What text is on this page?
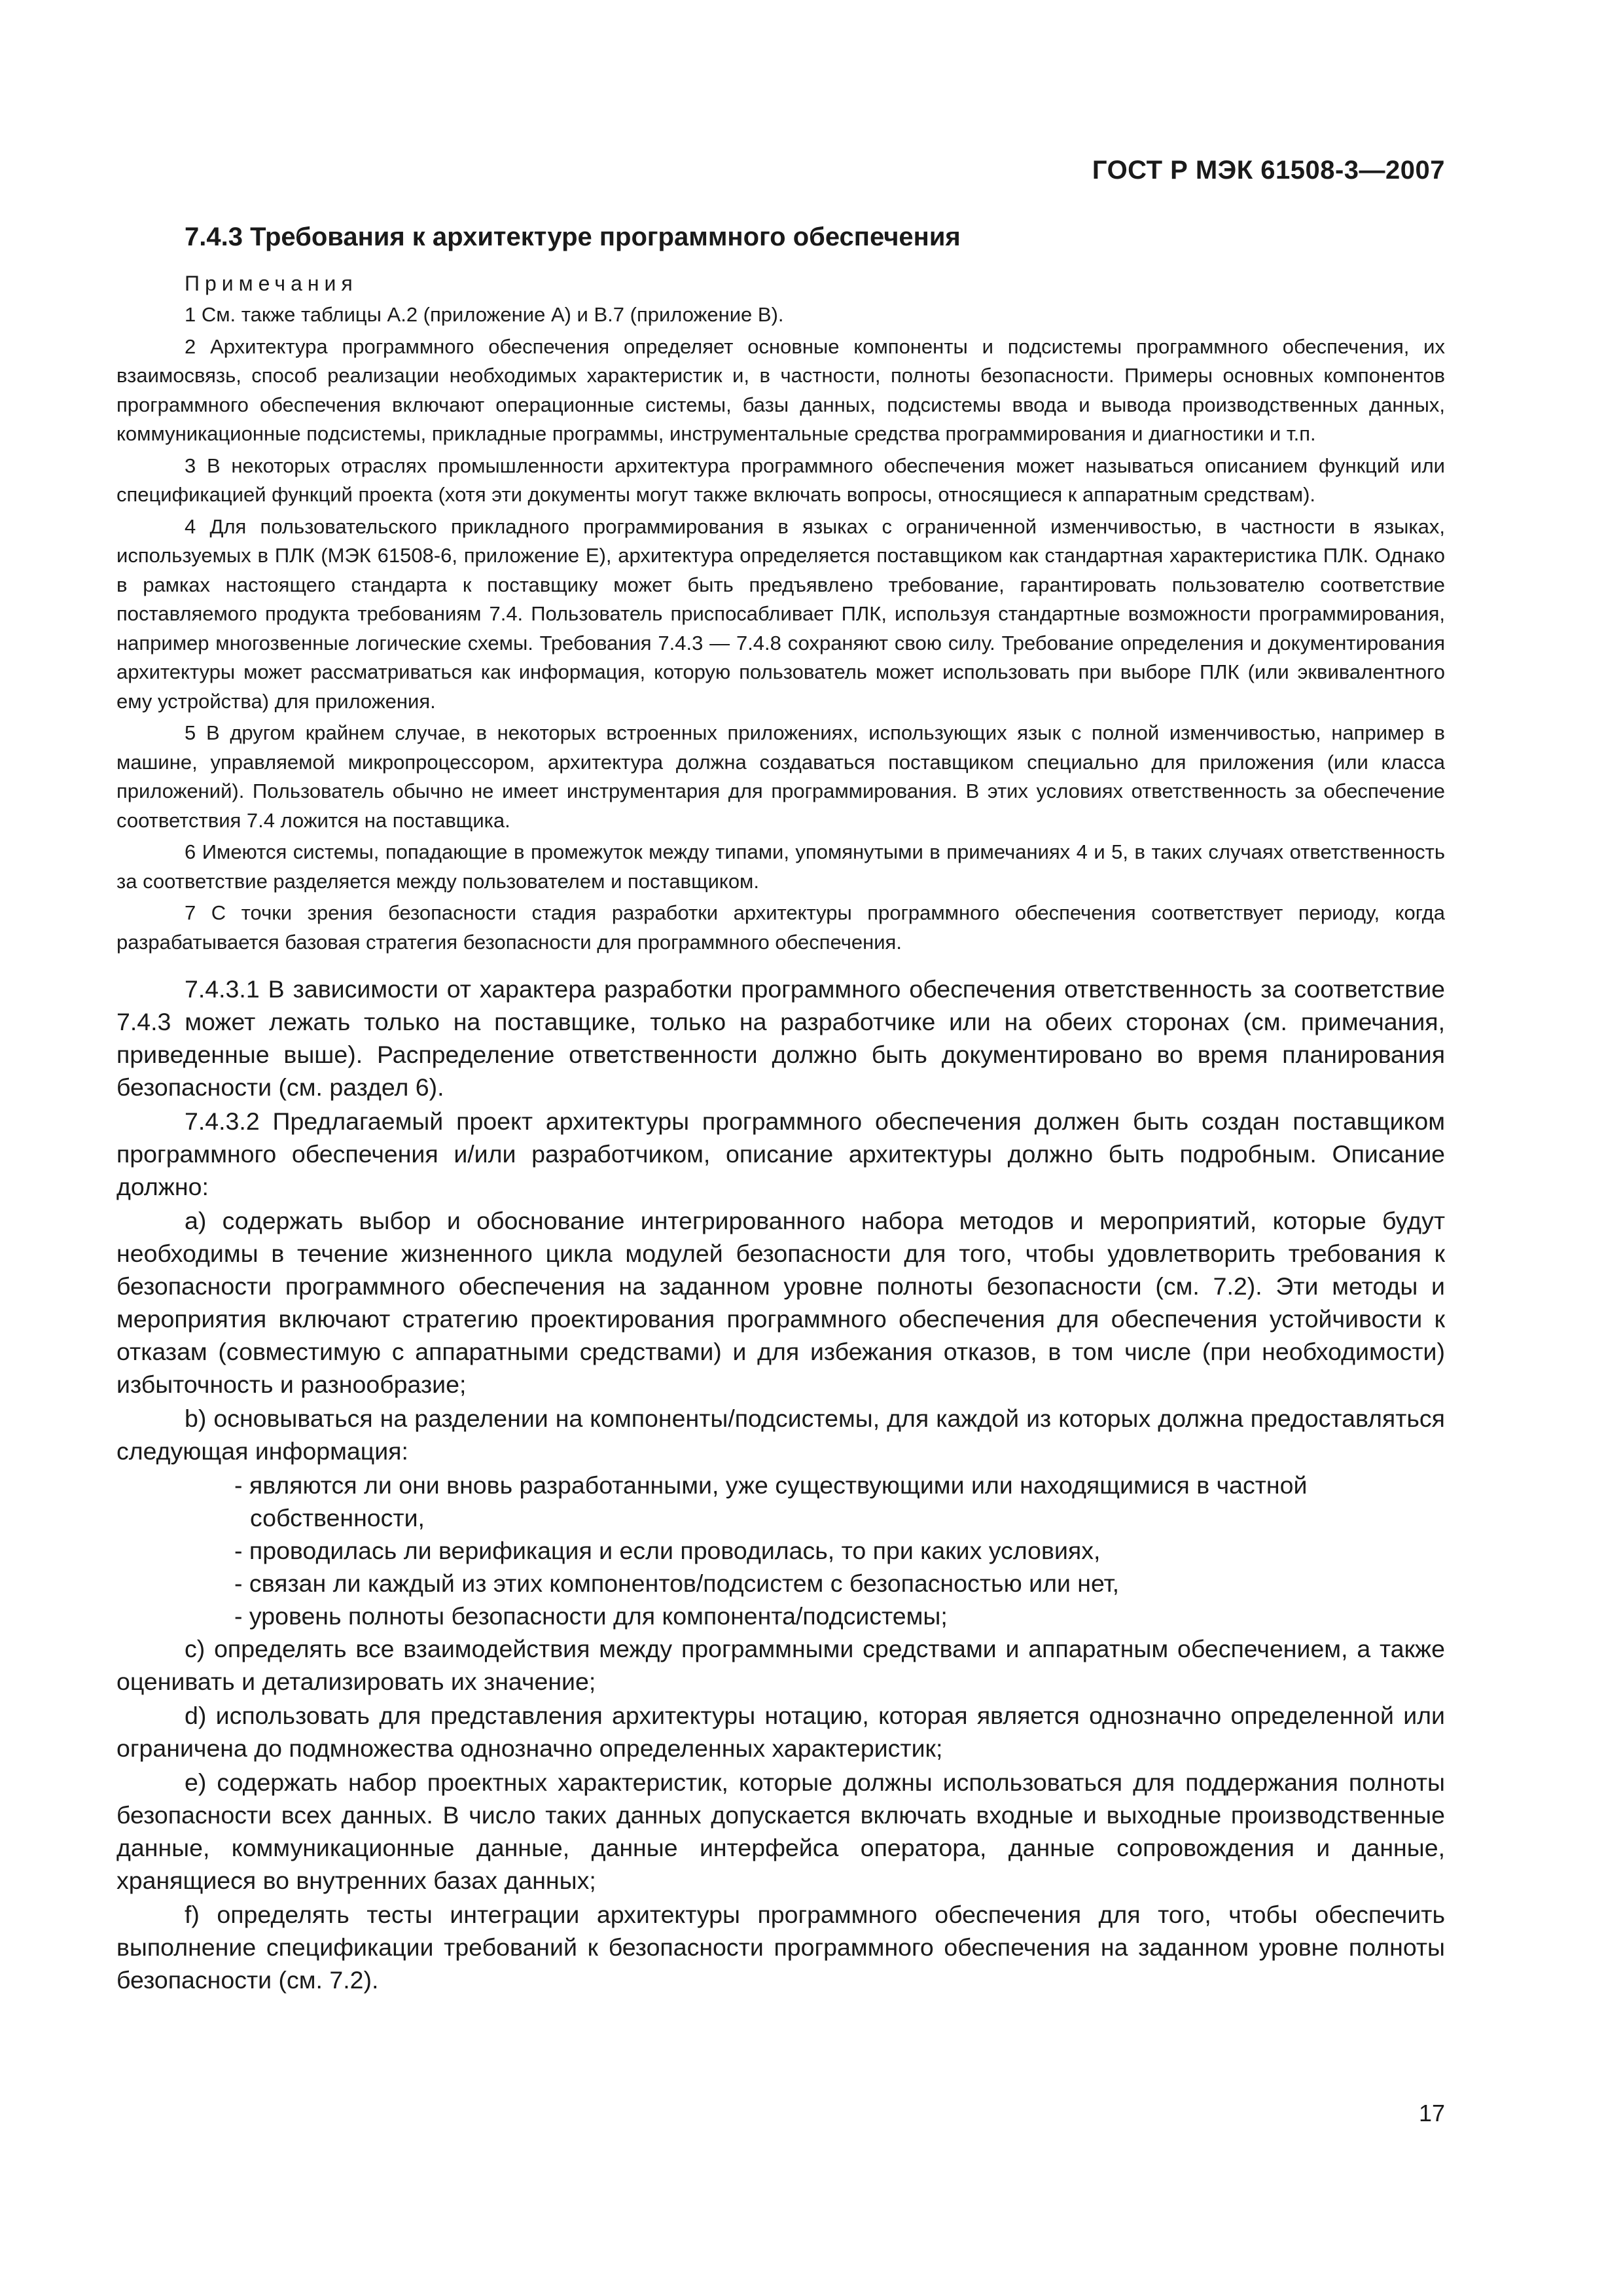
ГОСТ Р МЭК 61508-3—2007
7.4.3 Требования к архитектуре программного обеспечения
Примечания
1 См. также таблицы А.2 (приложение А) и В.7 (приложение В).
2 Архитектура программного обеспечения определяет основные компоненты и подсистемы программного обеспечения, их взаимосвязь, способ реализации необходимых характеристик и, в частности, полноты безопасности. Примеры основных компонентов программного обеспечения включают операционные системы, базы данных, подсистемы ввода и вывода производственных данных, коммуникационные подсистемы, прикладные программы, инструментальные средства программирования и диагностики и т.п.
3 В некоторых отраслях промышленности архитектура программного обеспечения может называться описанием функций или спецификацией функций проекта (хотя эти документы могут также включать вопросы, относящиеся к аппаратным средствам).
4 Для пользовательского прикладного программирования в языках с ограниченной изменчивостью, в частности в языках, используемых в ПЛК (МЭК 61508-6, приложение Е), архитектура определяется поставщиком как стандартная характеристика ПЛК. Однако в рамках настоящего стандарта к поставщику может быть предъявлено требование, гарантировать пользователю соответствие поставляемого продукта требованиям 7.4. Пользователь приспосабливает ПЛК, используя стандартные возможности программирования, например многозвенные логические схемы. Требования 7.4.3 — 7.4.8 сохраняют свою силу. Требование определения и документирования архитектуры может рассматриваться как информация, которую пользователь может использовать при выборе ПЛК (или эквивалентного ему устройства) для приложения.
5 В другом крайнем случае, в некоторых встроенных приложениях, использующих язык с полной изменчивостью, например в машине, управляемой микропроцессором, архитектура должна создаваться поставщиком специально для приложения (или класса приложений). Пользователь обычно не имеет инструментария для программирования. В этих условиях ответственность за обеспечение соответствия 7.4 ложится на поставщика.
6 Имеются системы, попадающие в промежуток между типами, упомянутыми в примечаниях 4 и 5, в таких случаях ответственность за соответствие разделяется между пользователем и поставщиком.
7 С точки зрения безопасности стадия разработки архитектуры программного обеспечения соответствует периоду, когда разрабатывается базовая стратегия безопасности для программного обеспечения.
7.4.3.1 В зависимости от характера разработки программного обеспечения ответственность за соответствие 7.4.3 может лежать только на поставщике, только на разработчике или на обеих сторонах (см. примечания, приведенные выше). Распределение ответственности должно быть документировано во время планирования безопасности (см. раздел 6).
7.4.3.2 Предлагаемый проект архитектуры программного обеспечения должен быть создан поставщиком программного обеспечения и/или разработчиком, описание архитектуры должно быть подробным. Описание должно:
а) содержать выбор и обоснование интегрированного набора методов и мероприятий, которые будут необходимы в течение жизненного цикла модулей безопасности для того, чтобы удовлетворить требования к безопасности программного обеспечения на заданном уровне полноты безопасности (см. 7.2). Эти методы и мероприятия включают стратегию проектирования программного обеспечения для обеспечения устойчивости к отказам (совместимую с аппаратными средствами) и для избежания отказов, в том числе (при необходимости) избыточность и разнообразие;
b) основываться на разделении на компоненты/подсистемы, для каждой из которых должна предоставляться следующая информация:
- являются ли они вновь разработанными, уже существующими или находящимися в частной собственности,
- проводилась ли верификация и если проводилась, то при каких условиях,
- связан ли каждый из этих компонентов/подсистем с безопасностью или нет,
- уровень полноты безопасности для компонента/подсистемы;
c) определять все взаимодействия между программными средствами и аппаратным обеспечением, а также оценивать и детализировать их значение;
d) использовать для представления архитектуры нотацию, которая является однозначно определенной или ограничена до подмножества однозначно определенных характеристик;
e) содержать набор проектных характеристик, которые должны использоваться для поддержания полноты безопасности всех данных. В число таких данных допускается включать входные и выходные производственные данные, коммуникационные данные, данные интерфейса оператора, данные сопровождения и данные, хранящиеся во внутренних базах данных;
f) определять тесты интеграции архитектуры программного обеспечения для того, чтобы обеспечить выполнение спецификации требований к безопасности программного обеспечения на заданном уровне полноты безопасности (см. 7.2).
17
